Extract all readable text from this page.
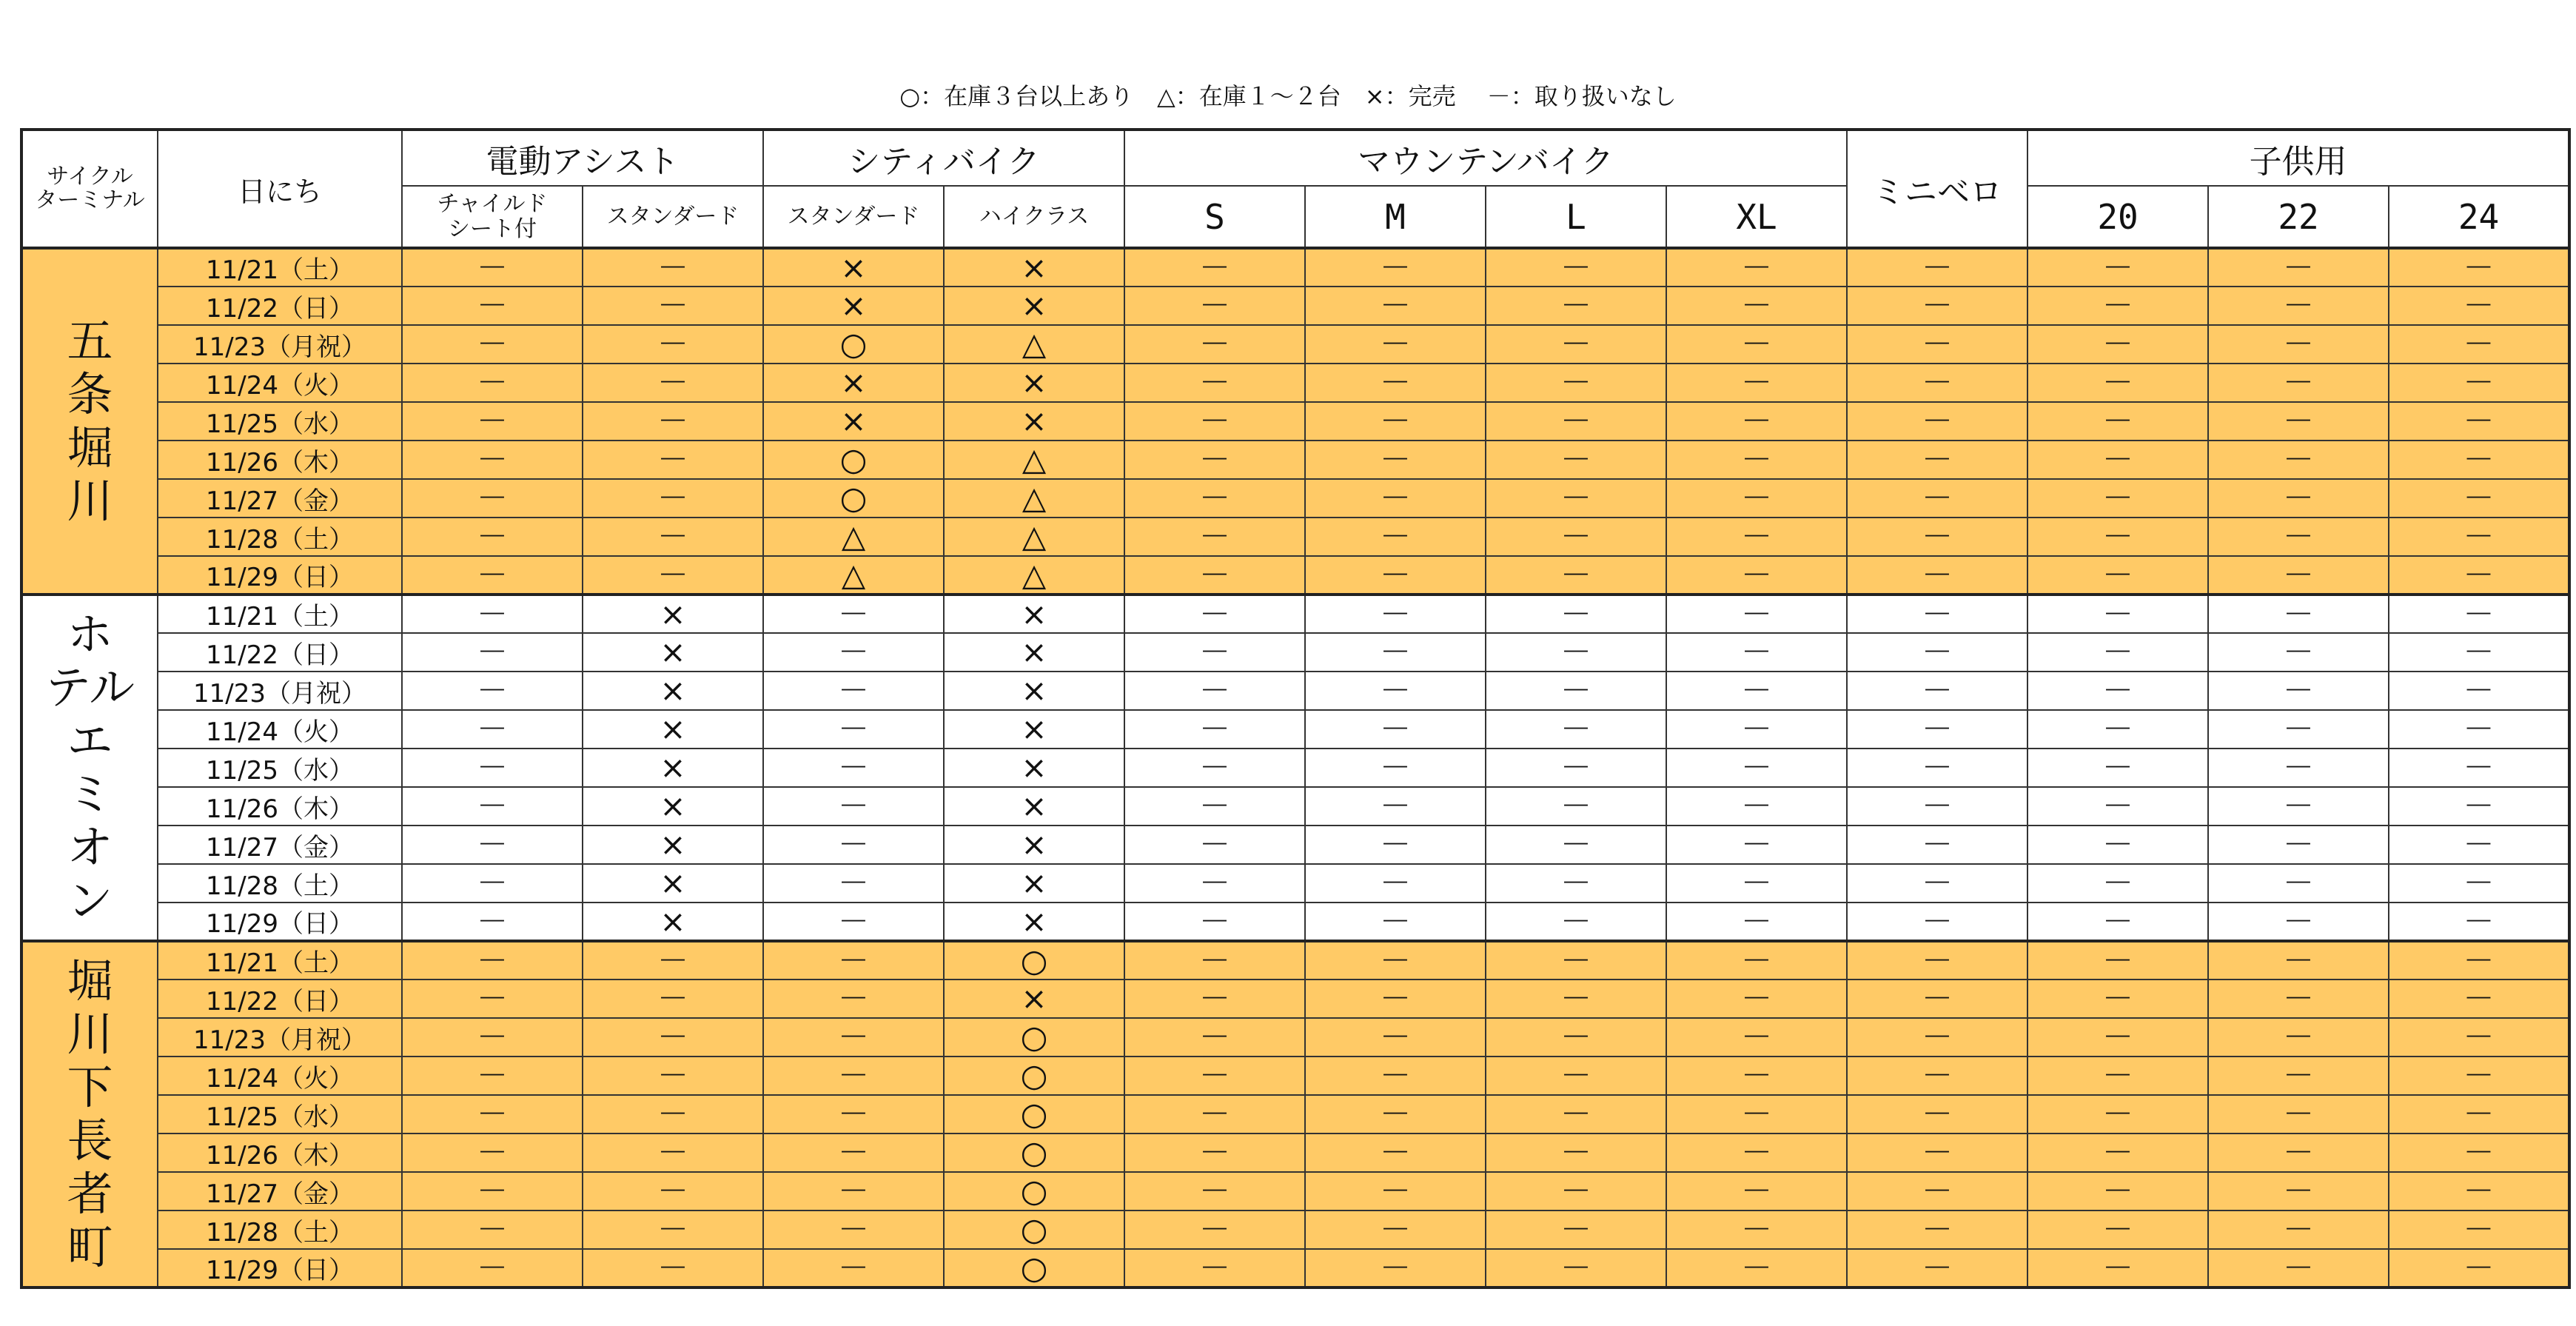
○：在庫３台以上あり　△：在庫１～２台　×：完売　 －：取り扱いなし
サイクル
ターミナル	日にち	電動アシスト		シティバイク		マウンテンバイク				ミニベロ	子供用		
		チャイルド
シート付	スタンダード	スタンダード	ハイクラス	S	M	L	XL		20	22	24
五条堀川	11/21（土）	－	－	×	×	－	－	－	－	－	－	－	－
	11/22（日）	－	－	×	×	－	－	－	－	－	－	－	－
	11/23（月祝）	－	－	○	△	－	－	－	－	－	－	－	－
	11/24（火）	－	－	×	×	－	－	－	－	－	－	－	－
	11/25（水）	－	－	×	×	－	－	－	－	－	－	－	－
	11/26（木）	－	－	○	△	－	－	－	－	－	－	－	－
	11/27（金）	－	－	○	△	－	－	－	－	－	－	－	－
	11/28（土）	－	－	△	△	－	－	－	－	－	－	－	－
	11/29（日）	－	－	△	△	－	－	－	－	－	－	－	－
ホテルエミオン	11/21（土）	－	×	－	×	－	－	－	－	－	－	－	－
	11/22（日）	－	×	－	×	－	－	－	－	－	－	－	－
	11/23（月祝）	－	×	－	×	－	－	－	－	－	－	－	－
	11/24（火）	－	×	－	×	－	－	－	－	－	－	－	－
	11/25（水）	－	×	－	×	－	－	－	－	－	－	－	－
	11/26（木）	－	×	－	×	－	－	－	－	－	－	－	－
	11/27（金）	－	×	－	×	－	－	－	－	－	－	－	－
	11/28（土）	－	×	－	×	－	－	－	－	－	－	－	－
	11/29（日）	－	×	－	×	－	－	－	－	－	－	－	－
堀川下長者町	11/21（土）	－	－	－	○	－	－	－	－	－	－	－	－
	11/22（日）	－	－	－	×	－	－	－	－	－	－	－	－
	11/23（月祝）	－	－	－	○	－	－	－	－	－	－	－	－
	11/24（火）	－	－	－	○	－	－	－	－	－	－	－	－
	11/25（水）	－	－	－	○	－	－	－	－	－	－	－	－
	11/26（木）	－	－	－	○	－	－	－	－	－	－	－	－
	11/27（金）	－	－	－	○	－	－	－	－	－	－	－	－
	11/28（土）	－	－	－	○	－	－	－	－	－	－	－	－
	11/29（日）	－	－	－	○	－	－	－	－	－	－	－	－
